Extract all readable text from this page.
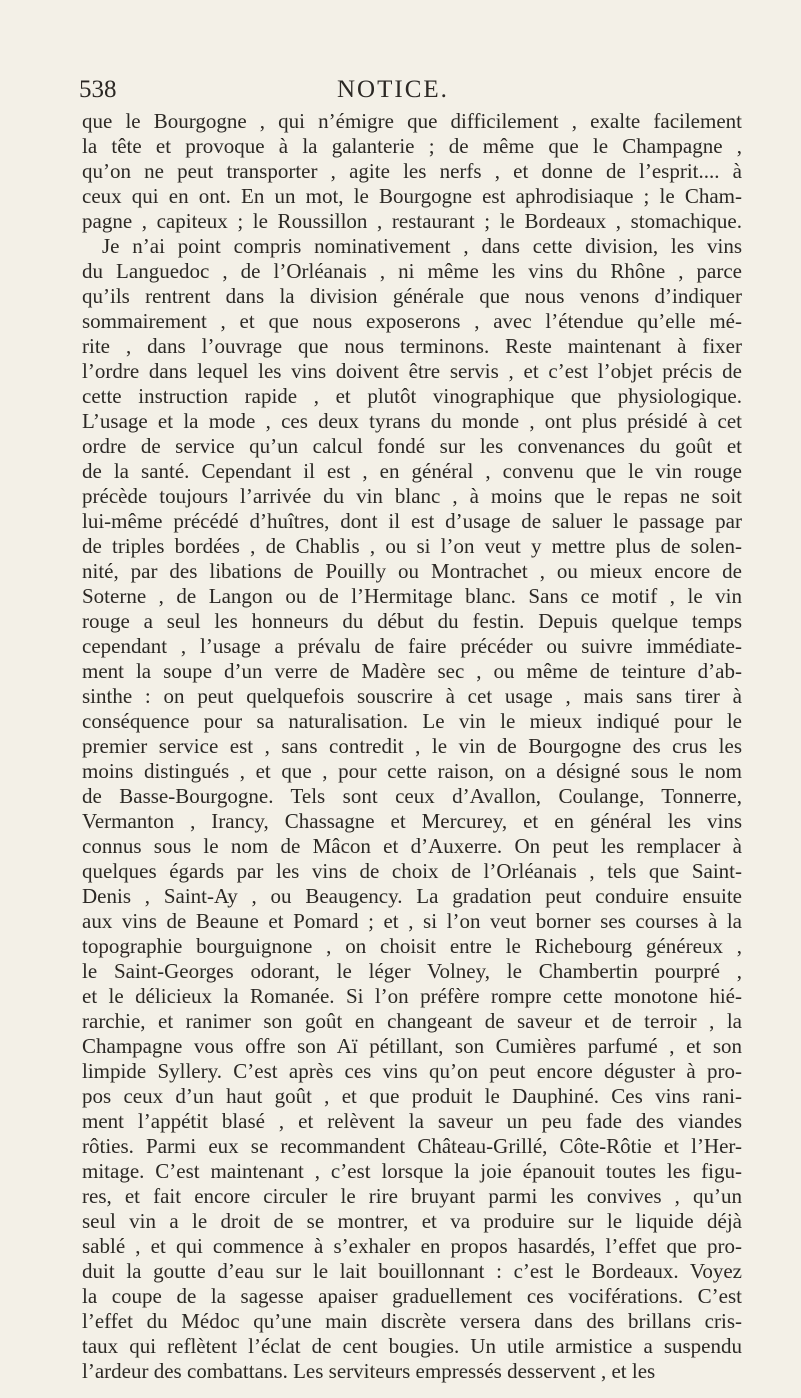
538	NOTICE.
que le Bourgogne , qui n’émigre que difficilement , exalte facilement
la tête et provoque à la galanterie ; de même que le Champagne ,
qu’on ne peut transporter , agite les nerfs , et donne de l’esprit.... à
ceux qui en ont. En un mot, le Bourgogne est aphrodisiaque ; le Cham-
pagne , capiteux ; le Roussillon , restaurant ; le Bordeaux , stomachique.
Je n’ai point compris nominativement , dans cette division, les vins
du Languedoc , de l’Orléanais , ni même les vins du Rhône , parce
qu’ils rentrent dans la division générale que nous venons d’indiquer
sommairement , et que nous exposerons , avec l’étendue qu’elle mé-
rite , dans l’ouvrage que nous terminons. Reste maintenant à fixer
l’ordre dans lequel les vins doivent être servis , et c’est l’objet précis de
cette instruction rapide , et plutôt vinographique que physiologique.
L’usage et la mode , ces deux tyrans du monde , ont plus présidé à cet
ordre de service qu’un calcul fondé sur les convenances du goût et
de la santé. Cependant il est , en général , convenu que le vin rouge
précède toujours l’arrivée du vin blanc , à moins que le repas ne soit
lui-même précédé d’huîtres, dont il est d’usage de saluer le passage par
de triples bordées , de Chablis , ou si l’on veut y mettre plus de solen-
nité, par des libations de Pouilly ou Montrachet , ou mieux encore de
Soterne , de Langon ou de l’Hermitage blanc. Sans ce motif , le vin
rouge a seul les honneurs du début du festin. Depuis quelque temps
cependant , l’usage a prévalu de faire précéder ou suivre immédiate-
ment la soupe d’un verre de Madère sec , ou même de teinture d’ab-
sinthe : on peut quelquefois souscrire à cet usage , mais sans tirer à
conséquence pour sa naturalisation. Le vin le mieux indiqué pour le
premier service est , sans contredit , le vin de Bourgogne des crus les
moins distingués , et que , pour cette raison, on a désigné sous le nom
de Basse-Bourgogne. Tels sont ceux d’Avallon, Coulange, Tonnerre,
Vermanton , Irancy, Chassagne et Mercurey, et en général les vins
connus sous le nom de Mâcon et d’Auxerre. On peut les remplacer à
quelques égards par les vins de choix de l’Orléanais , tels que Saint-
Denis , Saint-Ay , ou Beaugency. La gradation peut conduire ensuite
aux vins de Beaune et Pomard ; et , si l’on veut borner ses courses à la
topographie bourguignone , on choisit entre le Richebourg généreux ,
le Saint-Georges odorant, le léger Volney, le Chambertin pourpré ,
et le délicieux la Romanée. Si l’on préfère rompre cette monotone hié-
rarchie, et ranimer son goût en changeant de saveur et de terroir , la
Champagne vous offre son Aï pétillant, son Cumières parfumé , et son
limpide Syllery. C’est après ces vins qu’on peut encore déguster à pro-
pos ceux d’un haut goût , et que produit le Dauphiné. Ces vins rani-
ment l’appétit blasé , et relèvent la saveur un peu fade des viandes
rôties. Parmi eux se recommandent Château-Grillé, Côte-Rôtie et l’Her-
mitage. C’est maintenant , c’est lorsque la joie épanouit toutes les figu-
res, et fait encore circuler le rire bruyant parmi les convives , qu’un
seul vin a le droit de se montrer, et va produire sur le liquide déjà
sablé , et qui commence à s’exhaler en propos hasardés, l’effet que pro-
duit la goutte d’eau sur le lait bouillonnant : c’est le Bordeaux. Voyez
la coupe de la sagesse apaiser graduellement ces vociférations. C’est
l’effet du Médoc qu’une main discrète versera dans des brillans cris-
taux qui reflètent l’éclat de cent bougies. Un utile armistice a suspendu
l’ardeur des combattans. Les serviteurs empressés desservent , et les
